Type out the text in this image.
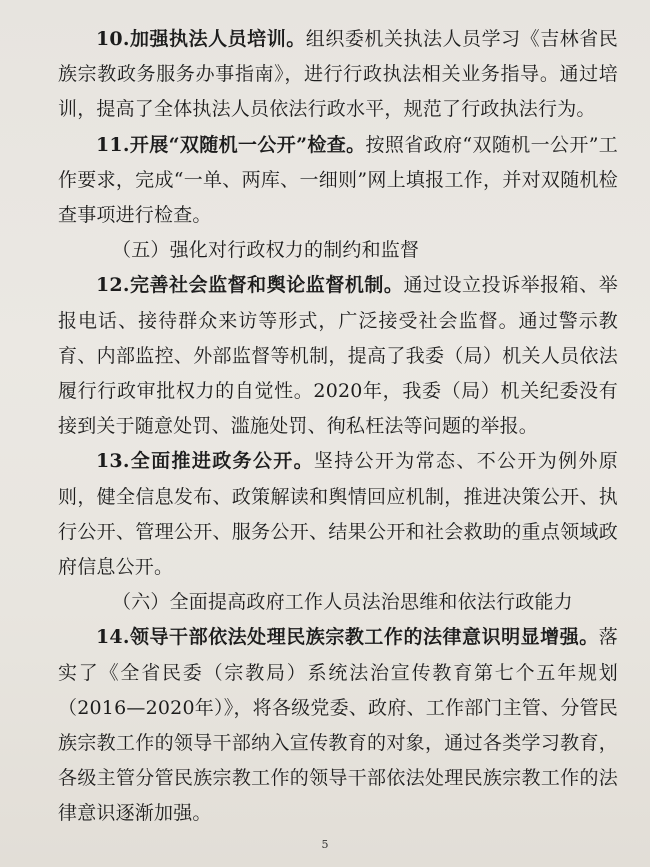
10.加强执法人员培训。组织委机关执法人员学习《吉林省民族宗教政务服务办事指南》，进行行政执法相关业务指导。通过培训，提高了全体执法人员依法行政水平，规范了行政执法行为。

11.开展“双随机一公开”检查。按照省政府“双随机一公开”工作要求，完成“一单、两库、一细则”网上填报工作，并对双随机检查事项进行检查。

（五）强化对行政权力的制约和监督

12.完善社会监督和舆论监督机制。通过设立投诉举报箱、举报电话、接待群众来访等形式，广泛接受社会监督。通过警示教育、内部监控、外部监督等机制，提高了我委（局）机关人员依法履行行政审批权力的自觉性。2020年，我委（局）机关纪委没有接到关于随意处罚、滥施处罚、徇私枉法等问题的举报。

13.全面推进政务公开。坚持公开为常态、不公开为例外原则，健全信息发布、政策解读和舆情回应机制，推进决策公开、执行公开、管理公开、服务公开、结果公开和社会救助的重点领域政府信息公开。

（六）全面提高政府工作人员法治思维和依法行政能力

14.领导干部依法处理民族宗教工作的法律意识明显增强。落实了《全省民委（宗教局）系统法治宣传教育第七个五年规划（2016—2020年）》，将各级党委、政府、工作部门主管、分管民族宗教工作的领导干部纳入宣传教育的对象，通过各类学习教育，各级主管分管民族宗教工作的领导干部依法处理民族宗教工作的法律意识逐渐加强。

5
